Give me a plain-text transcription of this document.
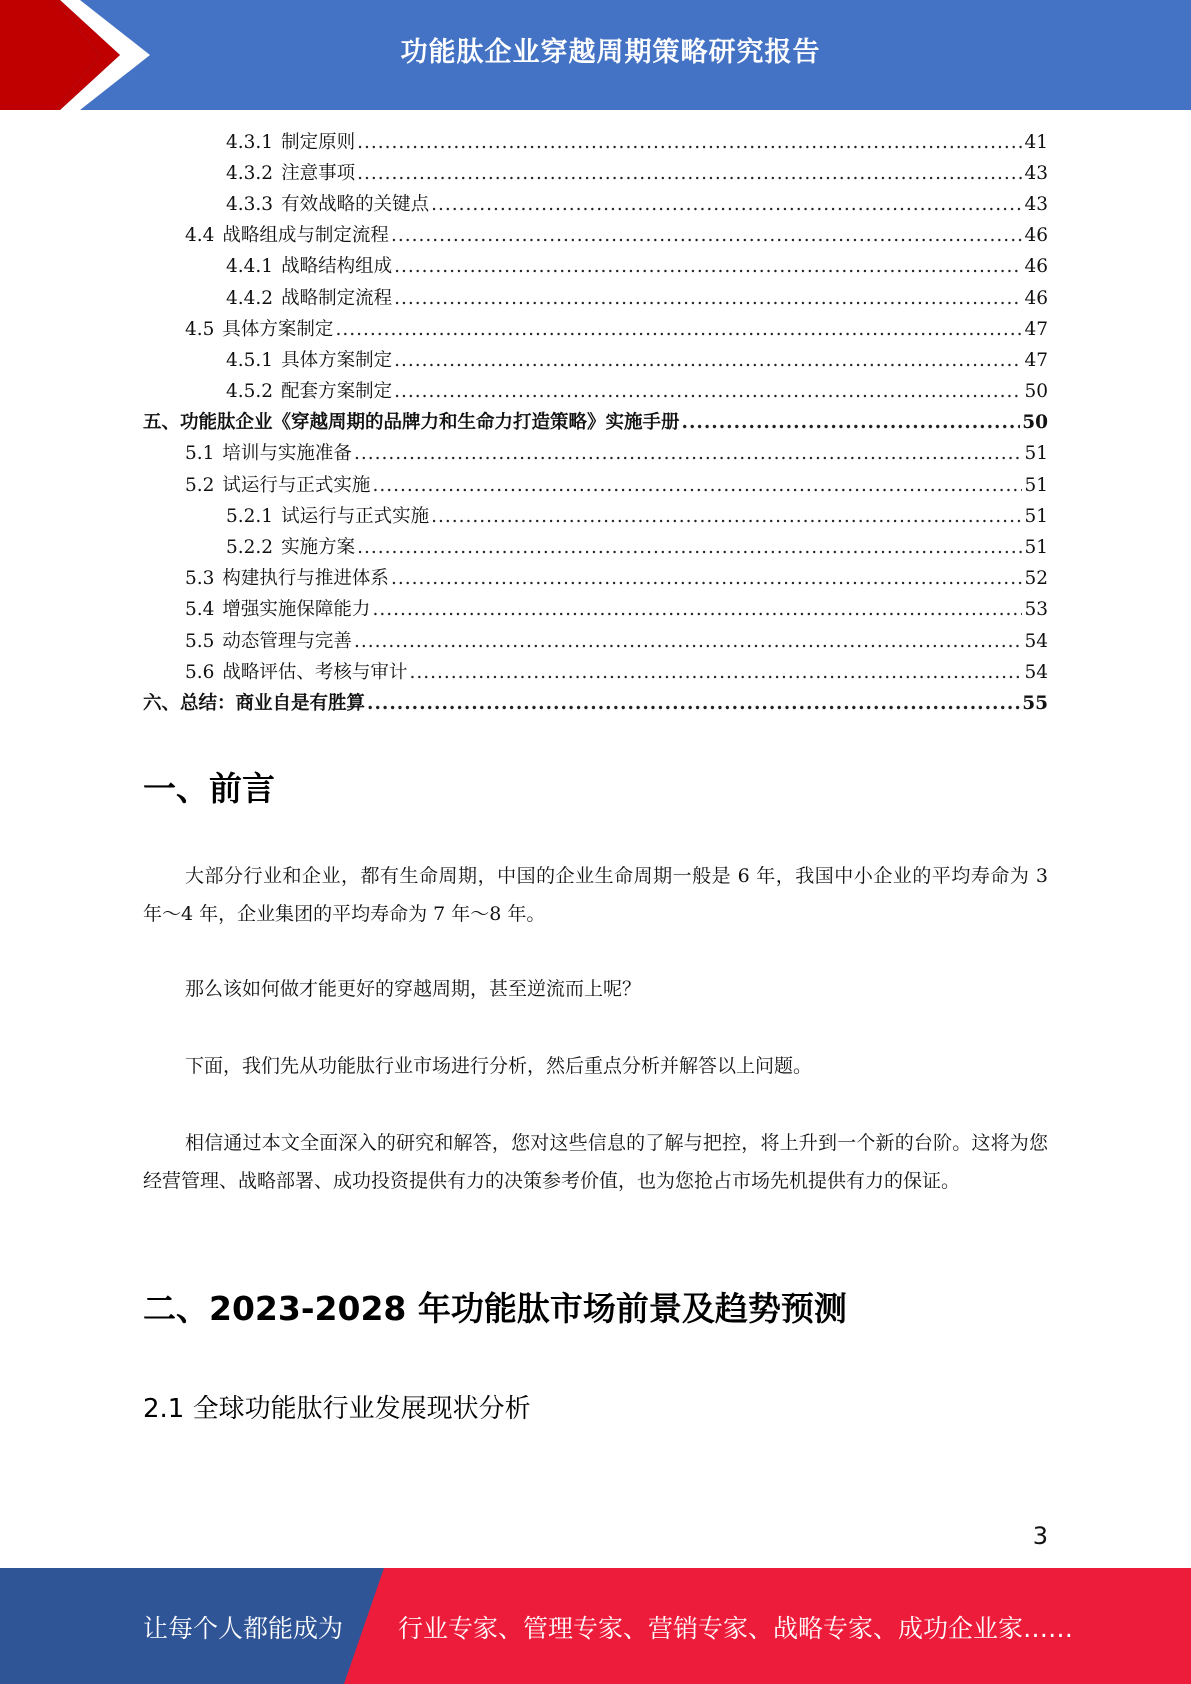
功能肽企业穿越周期策略研究报告
4.3.1 制定原则 .....	41
4.3.2 注意事项 .....	43
4.3.3 有效战略的关键点 .....	43
4.4 战略组成与制定流程 .....	46
4.4.1 战略结构组成 .....	46
4.4.2 战略制定流程 .....	46
4.5 具体方案制定 .....	47
4.5.1 具体方案制定 .....	47
4.5.2 配套方案制定 .....	50
五、功能肽企业《穿越周期的品牌力和生命力打造策略》实施手册 .....	50
5.1 培训与实施准备 .....	51
5.2 试运行与正式实施 .....	51
5.2.1 试运行与正式实施 .....	51
5.2.2 实施方案 .....	51
5.3 构建执行与推进体系 .....	52
5.4 增强实施保障能力 .....	53
5.5 动态管理与完善 .....	54
5.6 战略评估、考核与审计 .....	54
六、总结：商业自是有胜算 .....	55
一、前言
大部分行业和企业，都有生命周期，中国的企业生命周期一般是 6 年，我国中小企业的平均寿命为 3 年～4 年，企业集团的平均寿命为 7 年～8 年。
那么该如何做才能更好的穿越周期，甚至逆流而上呢？
下面，我们先从功能肽行业市场进行分析，然后重点分析并解答以上问题。
相信通过本文全面深入的研究和解答，您对这些信息的了解与把控，将上升到一个新的台阶。这将为您经营管理、战略部署、成功投资提供有力的决策参考价值，也为您抢占市场先机提供有力的保证。
二、2023-2028 年功能肽市场前景及趋势预测
2.1 全球功能肽行业发展现状分析
3
让每个人都能成为 行业专家、管理专家、营销专家、战略专家、成功企业家……
